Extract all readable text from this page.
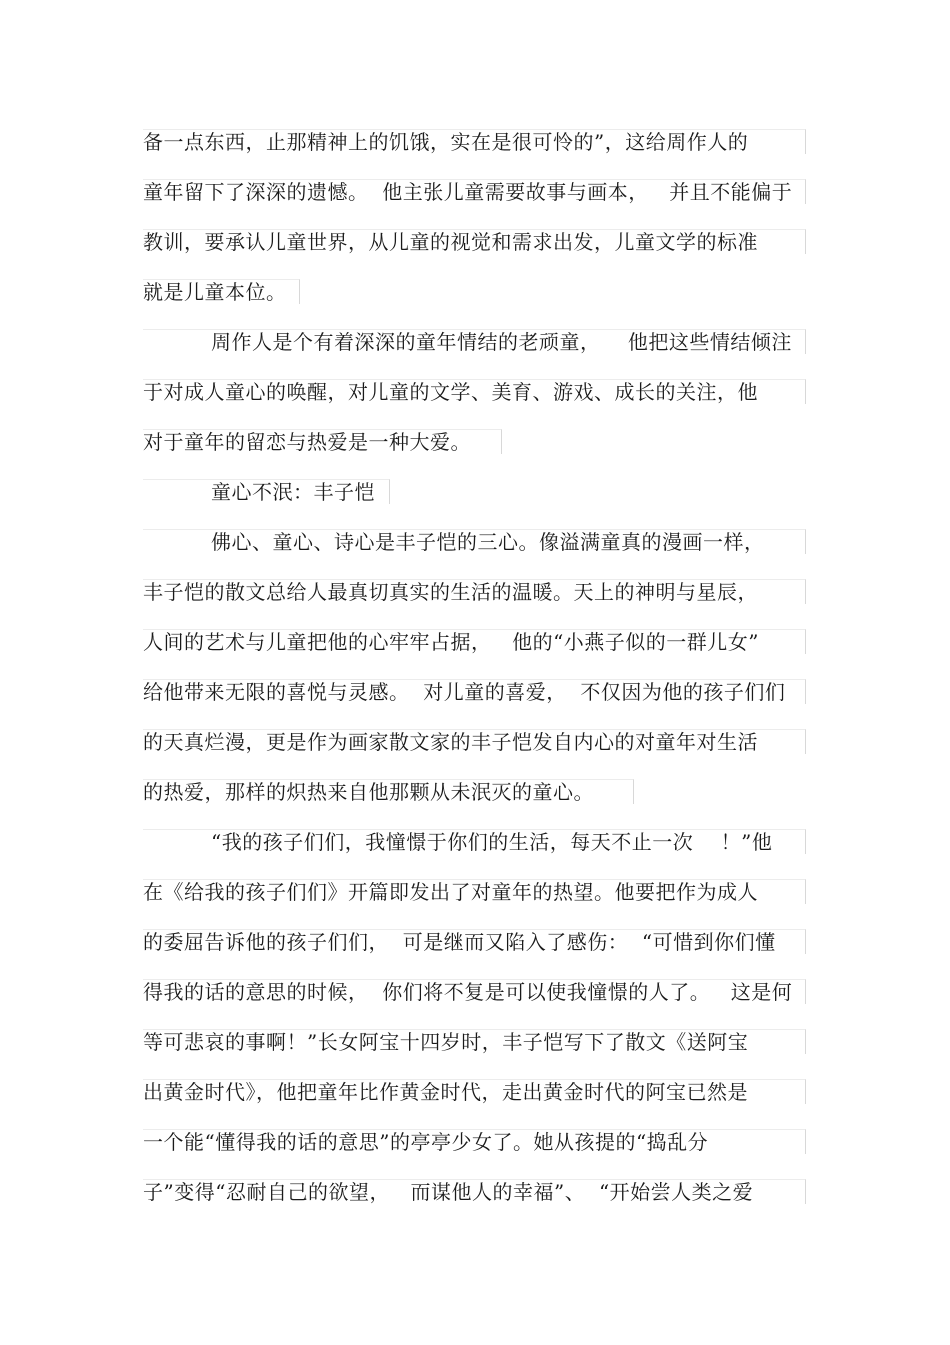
备一点东西，止那精神上的饥饿，实在是很可怜的”，这给周作人的
童年留下了深深的遗憾。  他主张儿童需要故事与画本，   并且不能偏于
教训，要承认儿童世界，从儿童的视觉和需求出发，儿童文学的标准
就是儿童本位。
周作人是个有着深深的童年情结的老顽童，    他把这些情结倾注
于对成人童心的唤醒，对儿童的文学、美育、游戏、成长的关注，他
对于童年的留恋与热爱是一种大爱。
童心不泯：丰子恺
佛心、童心、诗心是丰子恺的三心。像溢满童真的漫画一样，
丰子恺的散文总给人最真切真实的生活的温暖。天上的神明与星辰，
人间的艺术与儿童把他的心牢牢占据，   他的“小燕子似的一群儿女”
给他带来无限的喜悦与灵感。  对儿童的喜爱，  不仅因为他的孩子们们
的天真烂漫，更是作为画家散文家的丰子恺发自内心的对童年对生活
的热爱，那样的炽热来自他那颗从未泯灭的童心。
“我的孩子们们，我憧憬于你们的生活，每天不止一次    ！”他
在《给我的孩子们们》开篇即发出了对童年的热望。他要把作为成人
的委屈告诉他的孩子们们，  可是继而又陷入了感伤：  “可惜到你们懂
得我的话的意思的时候，  你们将不复是可以使我憧憬的人了。   这是何
等可悲哀的事啊！”长女阿宝十四岁时，丰子恺写下了散文《送阿宝
出黄金时代》，他把童年比作黄金时代，走出黄金时代的阿宝已然是
一个能“懂得我的话的意思”的亭亭少女了。她从孩提的“捣乱分
子”变得“忍耐自己的欲望，   而谋他人的幸福”、  “开始尝人类之爱
